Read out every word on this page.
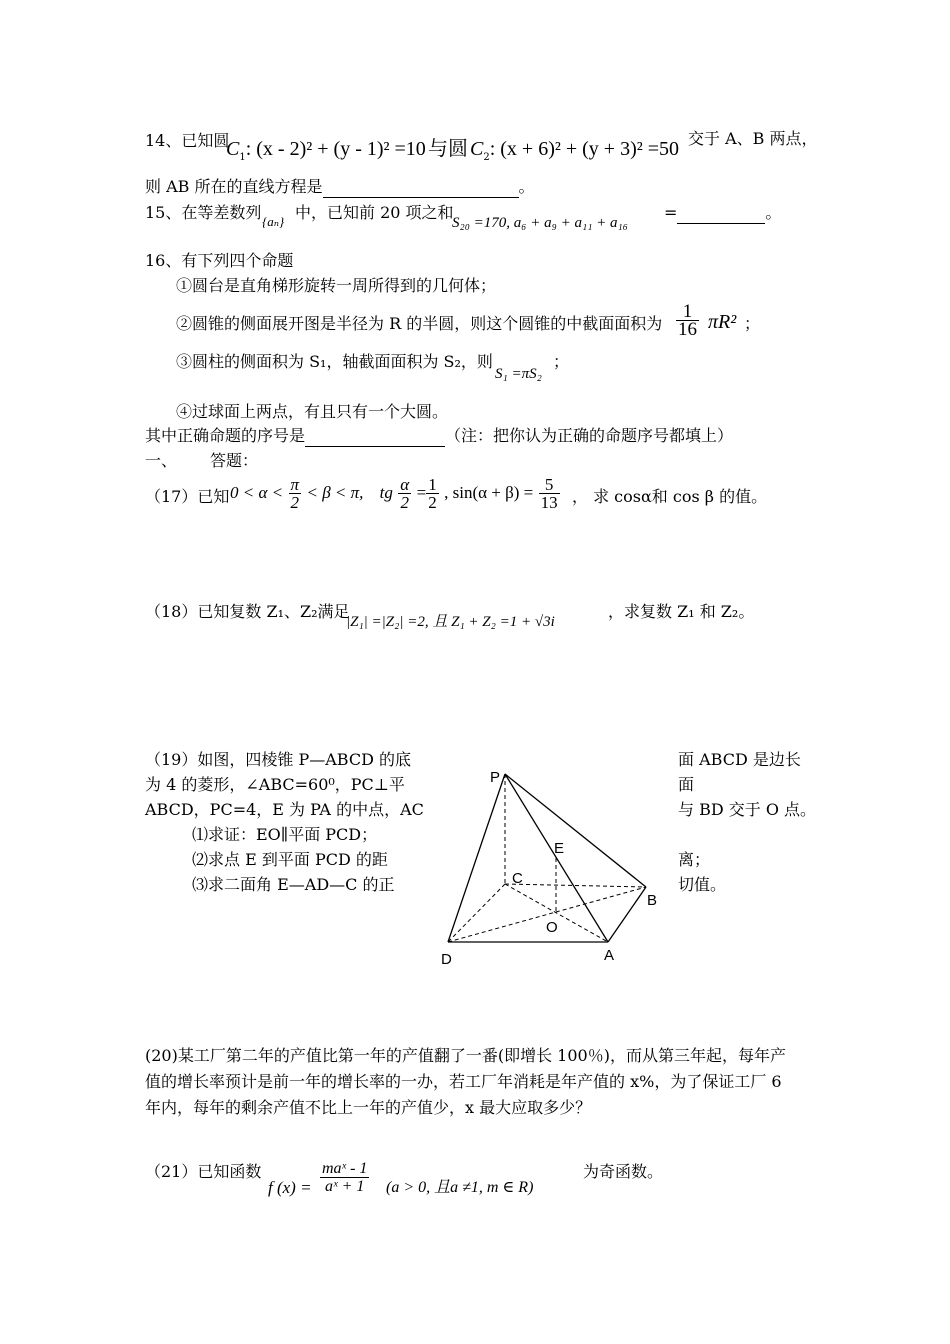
14、已知圆
$C_1$: (x - 2)² + (y - 1)² =10 与圆 $C_2$: (x + 6)² + (y + 3)² =50 交于 A、B 两点，
则 AB 所在的直线方程是	。
15、在等差数列 {aₙ} 中，已知前 20 项之和
S₂₀ =170, a₆ + a₉ + a₁₁ + a₁₆
=	。
16、有下列四个命题
①圆台是直角梯形旋转一周所得到的几何体；
②圆锥的侧面展开图是半径为 R 的半圆，则这个圆锥的中截面面积为 $\frac{1}{16} \pi R^2$ ；
③圆柱的侧面积为 S₁，轴截面面积为 S₂，则
S₁ =πS₂
；
④过球面上两点，有且只有一个大圆。
其中正确命题的序号是	（注：把你认为正确的命题序号都填上）
一、 答题：
（17）已知 $0 < \alpha < \frac{\pi}{2} < \beta < \pi$, tg $\frac{\alpha}{2} = \frac{1}{2}$ , $\sin(\alpha + \beta) = \frac{5}{13}$ ， 求 cosα和 cos β 的值。
（18）已知复数 Z₁、Z₂满足
|Z₁| =|Z₂| =2, 且 Z₁ + Z₂ =1 + √3i
，求复数 Z₁ 和 Z₂。
（19）如图，四棱锥 P—ABCD 的底
为 4 的菱形，∠ABC=60⁰，PC⊥平
ABCD，PC=4，E 为 PA 的中点，AC
⑴求证：EO∥平面 PCD；
⑵求点 E 到平面 PCD 的距
⑶求二面角 E—AD—C 的正
面 ABCD 是边长
面
与 BD 交于 O 点。
离；
切值。
P
E
C
B
O
D	A
(20)某工厂第二年的产值比第一年的产值翻了一番(即增长 100％)，而从第三年起，每年产
值的增长率预计是前一年的增长率的一办，若工厂年消耗是年产值的 x%，为了保证工厂 6
年内，每年的剩余产值不比上一年的产值少，x 最大应取多少？
（21）已知函数
f $(x) = \frac{\text{maˣ - 1}}{\text{aˣ + 1}} (a > 0$, 且a ≠1, m ∈ R)
为奇函数。
